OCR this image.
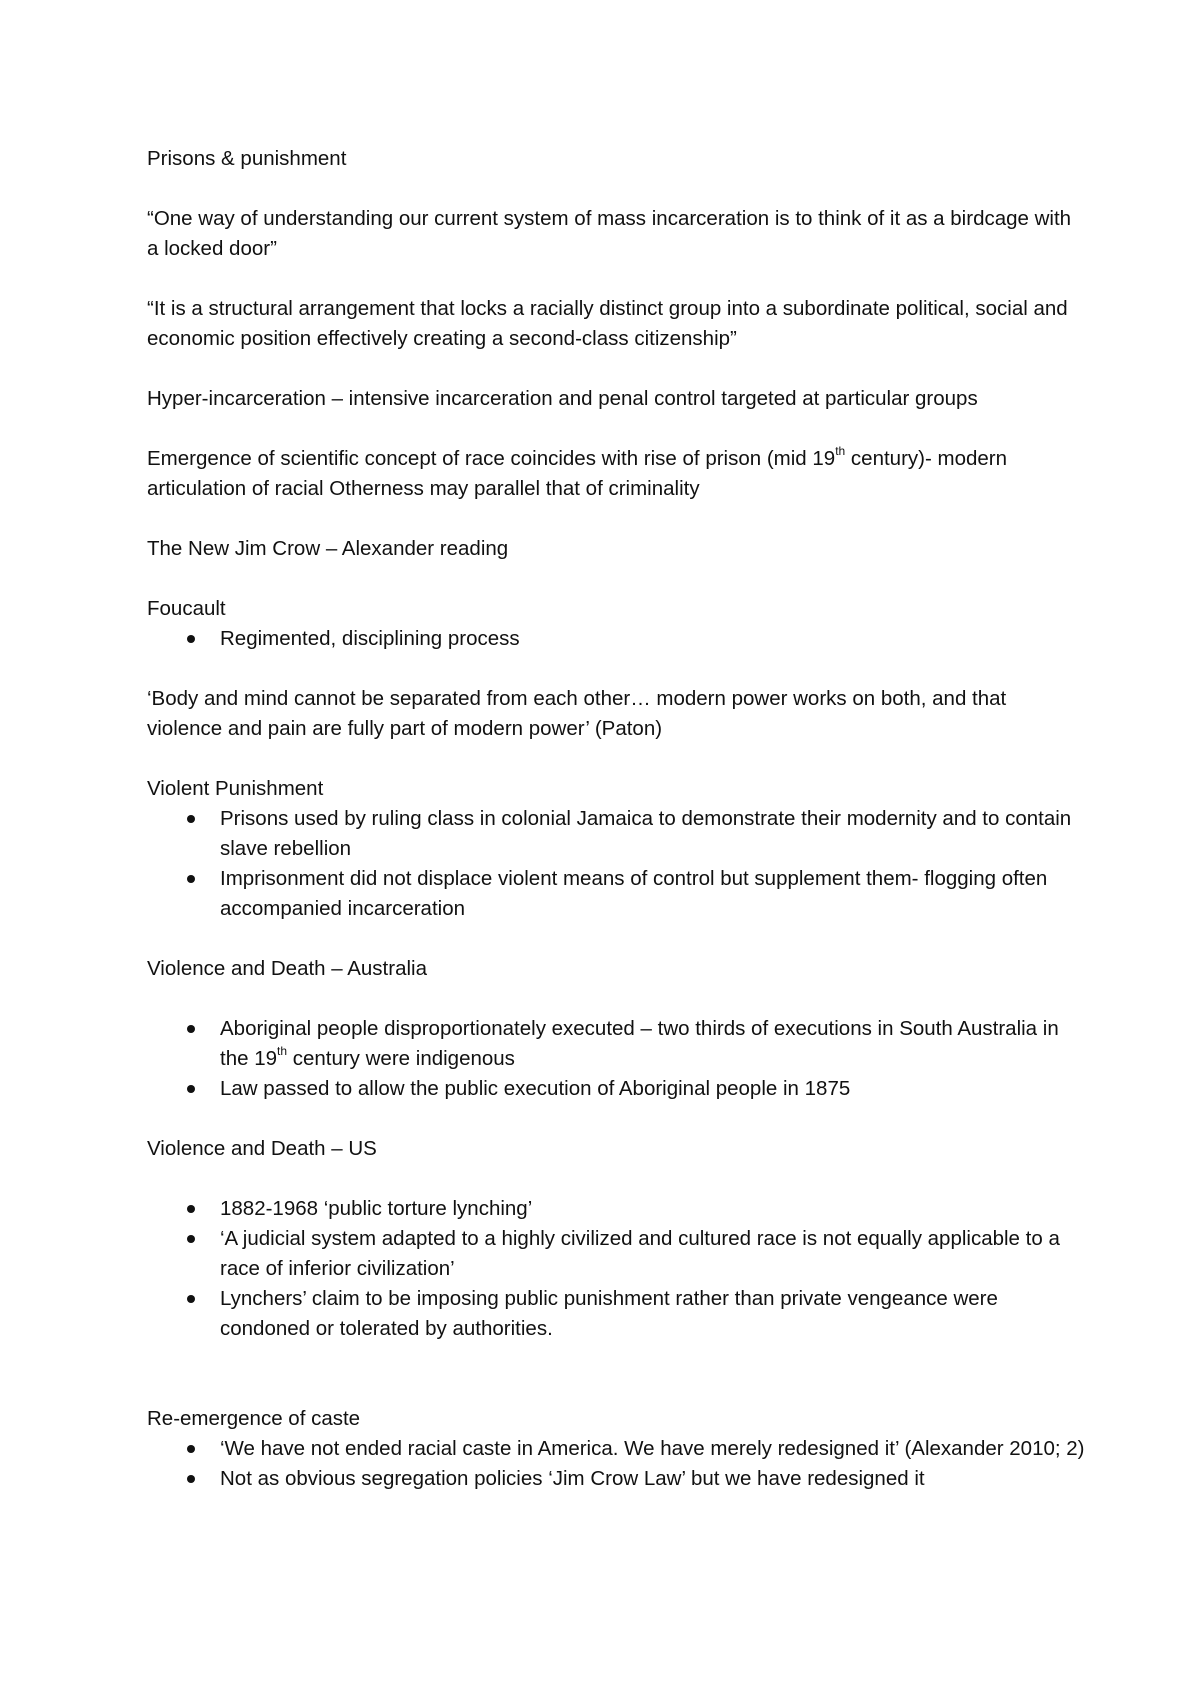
Prisons & punishment

“One way of understanding our current system of mass incarceration is to think of it as a birdcage with a locked door”

“It is a structural arrangement that locks a racially distinct group into a subordinate political, social and economic position effectively creating a second-class citizenship”

Hyper-incarceration – intensive incarceration and penal control targeted at particular groups

Emergence of scientific concept of race coincides with rise of prison (mid 19th century)- modern articulation of racial Otherness may parallel that of criminality

The New Jim Crow – Alexander reading

Foucault

Regimented, disciplining process

‘Body and mind cannot be separated from each other… modern power works on both, and that violence and pain are fully part of modern power’ (Paton)

Violent Punishment

Prisons used by ruling class in colonial Jamaica to demonstrate their modernity and to contain slave rebellion
Imprisonment did not displace violent means of control but supplement them- flogging often accompanied incarceration

Violence and Death – Australia

Aboriginal people disproportionately executed – two thirds of executions in South Australia in the 19th century were indigenous
Law passed to allow the public execution of Aboriginal people in 1875

Violence and Death – US

1882-1968 ‘public torture lynching’
‘A judicial system adapted to a highly civilized and cultured race is not equally applicable to a race of inferior civilization’
Lynchers’ claim to be imposing public punishment rather than private vengeance were condoned or tolerated by authorities.

Re-emergence of caste

‘We have not ended racial caste in America. We have merely redesigned it’ (Alexander 2010; 2)
Not as obvious segregation policies ‘Jim Crow Law’ but we have redesigned it
